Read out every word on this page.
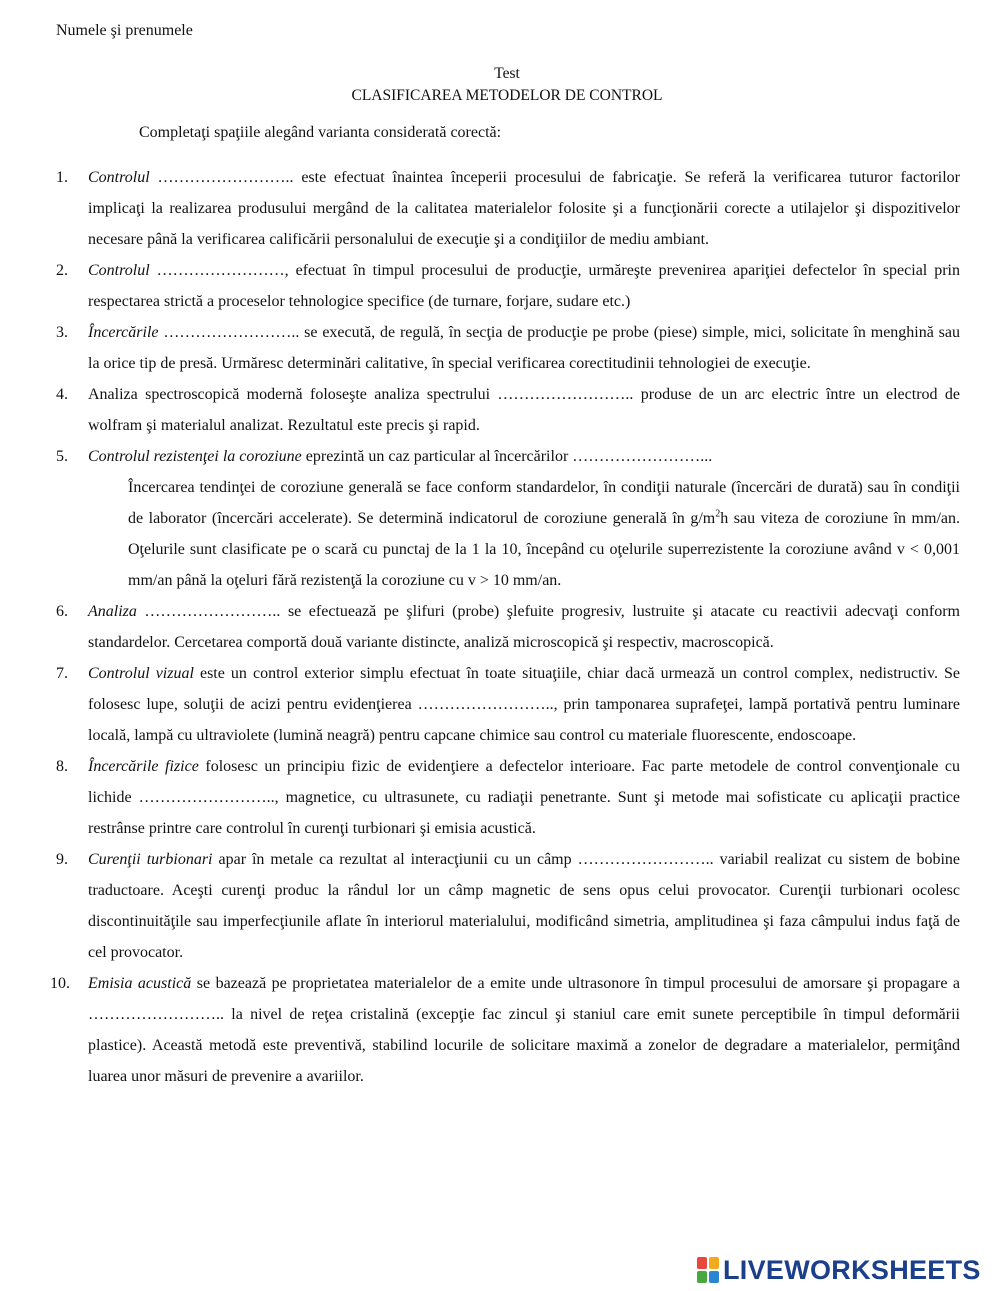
Numele şi prenumele
Test
CLASIFICAREA METODELOR DE CONTROL
Completaţi spaţiile alegând varianta considerată corectă:
1. Controlul …………………….. este efectuat înaintea începerii procesului de fabricaţie. Se referă la verificarea tuturor factorilor implicaţi la realizarea produsului mergând de la calitatea materialelor folosite şi a funcţionării corecte a utilajelor şi dispozitivelor necesare până la verificarea calificării personalului de execuţie şi a condiţiilor de mediu ambiant.
2. Controlul ……………………, efectuat în timpul procesului de producţie, urmăreşte prevenirea apariţiei defectelor în special prin respectarea strictă a proceselor tehnologice specifice (de turnare, forjare, sudare etc.)
3. Încercările …………………….. se execută, de regulă, în secţia de producţie pe probe (piese) simple, mici, solicitate în menghină sau la orice tip de presă. Urmăresc determinări calitative, în special verificarea corectitudinii tehnologiei de execuţie.
4. Analiza spectroscopică modernă foloseşte analiza spectrului …………………….. produse de un arc electric între un electrod de wolfram şi materialul analizat. Rezultatul este precis şi rapid.
5. Controlul rezistenţei la coroziune eprezintă un caz particular al încercărilor ……………………...
Încercarea tendinţei de coroziune generală se face conform standardelor, în condiţii naturale (încercări de durată) sau în condiţii de laborator (încercări accelerate). Se determină indicatorul de coroziune generală în $g/m^2h$ sau viteza de coroziune în mm/an. Oţelurile sunt clasificate pe o scară cu punctaj de la 1 la 10, începând cu oţelurile superrezistente la coroziune având v < 0,001 mm/an până la oţeluri fără rezistenţă la coroziune cu v > 10 mm/an.
6. Analiza …………………….. se efectuează pe şlifuri (probe) şlefuite progresiv, lustruite şi atacate cu reactivii adecvaţi conform standardelor. Cercetarea comportă două variante distincte, analiză microscopică şi respectiv, macroscopică.
7. Controlul vizual este un control exterior simplu efectuat în toate situaţiile, chiar dacă urmează un control complex, nedistructiv. Se folosesc lupe, soluţii de acizi pentru evidenţierea …………………….., prin tamponarea suprafeţei, lampă portativă pentru luminare locală, lampă cu ultraviolete (lumină neagră) pentru capcane chimice sau control cu materiale fluorescente, endoscoape.
8. Încercările fizice folosesc un principiu fizic de evidenţiere a defectelor interioare. Fac parte metodele de control convenţionale cu lichide …………………….., magnetice, cu ultrasunete, cu radiaţii penetrante. Sunt şi metode mai sofisticate cu aplicaţii practice restrânse printre care controlul în curenţi turbionari şi emisia acustică.
9. Curenţii turbionari apar în metale ca rezultat al interacţiunii cu un câmp …………………….. variabil realizat cu sistem de bobine traductoare. Aceşti curenţi produc la rândul lor un câmp magnetic de sens opus celui provocator. Curenţii turbionari ocolesc discontinuităţile sau imperfecţiunile aflate în interiorul materialului, modificând simetria, amplitudinea şi faza câmpului indus faţă de cel provocator.
10. Emisia acustică se bazează pe proprietatea materialelor de a emite unde ultrasonore în timpul procesului de amorsare şi propagare a …………………….. la nivel de reţea cristalină (excepţie fac zincul şi staniul care emit sunete perceptibile în timpul deformării plastice). Această metodă este preventivă, stabilind locurile de solicitare maximă a zonelor de degradare a materialelor, permiţând luarea unor măsuri de prevenire a avariilor.
LIVEWORKSHEETS
